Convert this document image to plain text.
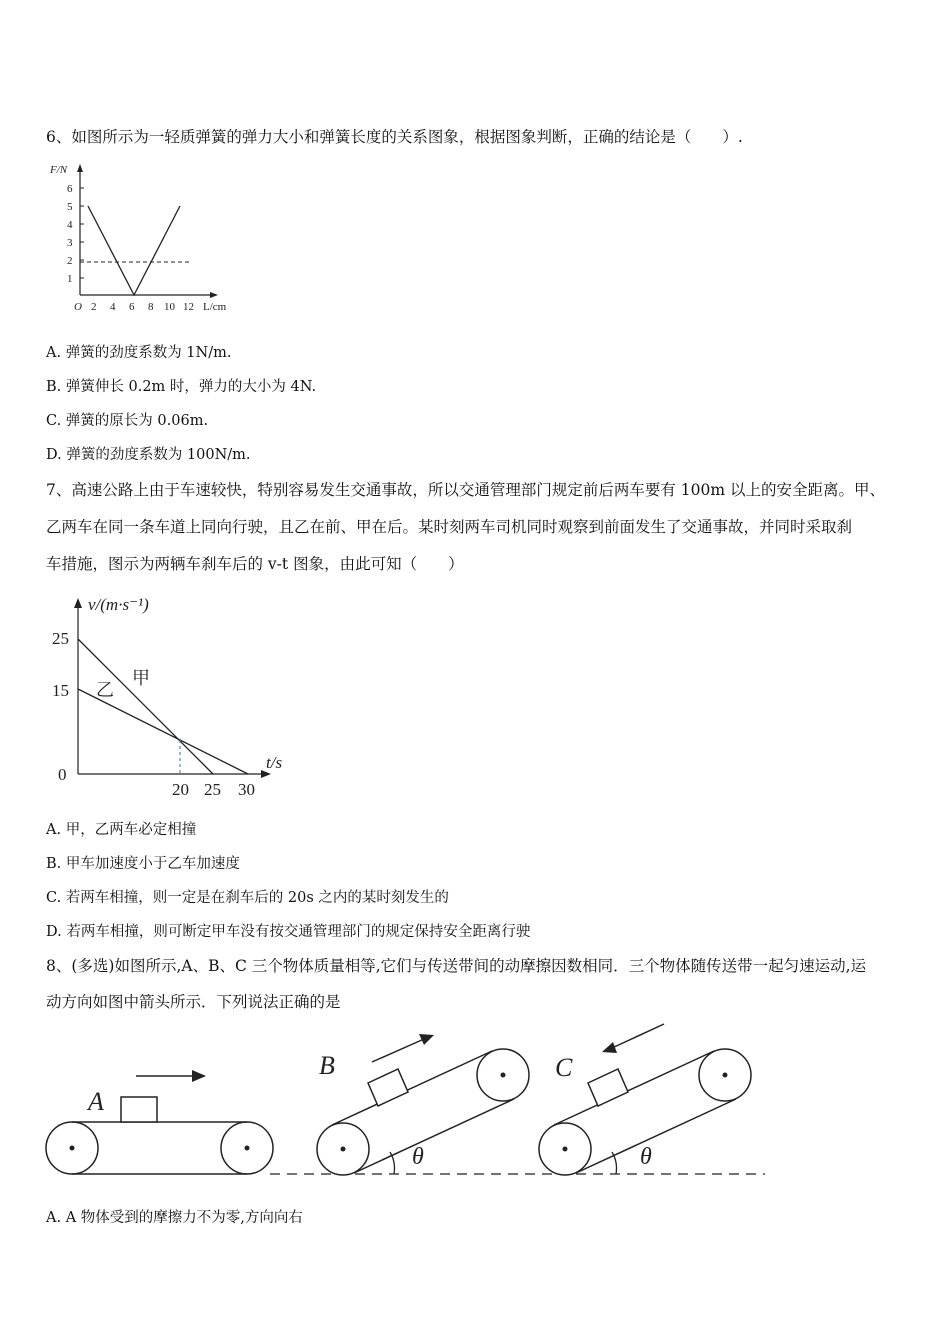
6、如图所示为一轻质弹簧的弹力大小和弹簧长度的关系图象，根据图象判断，正确的结论是（　　）.
F/N
L/cm
O
6
5
4
3
2
1
2 4 6 8 10 12
A. 弹簧的劲度系数为 1N/m.
B. 弹簧伸长 0.2m 时，弹力的大小为 4N.
C. 弹簧的原长为 0.06m.
D. 弹簧的劲度系数为 100N/m.
7、高速公路上由于车速较快，特别容易发生交通事故，所以交通管理部门规定前后两车要有 100m 以上的安全距离。甲、
乙两车在同一条车道上同向行驶，且乙在前、甲在后。某时刻两车司机同时观察到前面发生了交通事故，并同时采取刹
车措施，图示为两辆车刹车后的 v-t 图象，由此可知（　　）
v/(m·s⁻¹)
t/s
0
25
15
20 25 30
甲
乙
A. 甲，乙两车必定相撞
B. 甲车加速度小于乙车加速度
C. 若两车相撞，则一定是在刹车后的 20s 之内的某时刻发生的
D. 若两车相撞，则可断定甲车没有按交通管理部门的规定保持安全距离行驶
8、(多选)如图所示,A、B、C 三个物体质量相等,它们与传送带间的动摩擦因数相同．三个物体随传送带一起匀速运动,运
动方向如图中箭头所示．下列说法正确的是
A
B
θ
C
θ
A. A 物体受到的摩擦力不为零,方向向右
